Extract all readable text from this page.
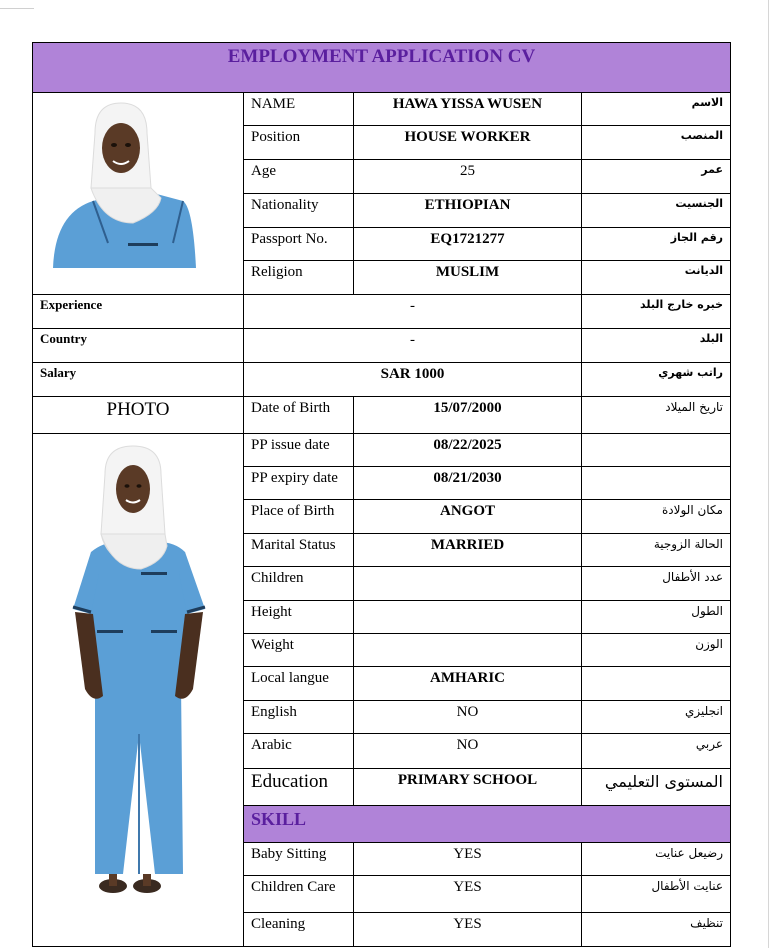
EMPLOYMENT APPLICATION CV			

	NAME	HAWA YISSA WUSEN	الاسم
	Position	HOUSE WORKER	المنصب
	Age	25	عمر
	Nationality	ETHIOPIAN	الجنسيت
	Passport No.	EQ1721277	رقم الجاز
	Religion	MUSLIM	الديانت
Experience	-		خبره خارج البلد
Country	-		البلد
Salary	SAR 1000		راتب شهري
PHOTO	Date of Birth	15/07/2000	تاريخ الميلاد

	PP issue date	08/22/2025	
	PP expiry date	08/21/2030	
	Place of Birth	ANGOT	مكان الولادة
	Marital Status	MARRIED	الحالة الزوجية
	Children		عدد الأطفال
	Height		الطول
	Weight		الوزن
	Local langue	AMHARIC	
	English	NO	انجليزي
	Arabic	NO	عربي
	Education	PRIMARY SCHOOL	المستوى التعليمي
	SKILL		
	Baby Sitting	YES	رضيعل عنايت
	Children Care	YES	عنايت الأطفال
	Cleaning	YES	تنظيف
